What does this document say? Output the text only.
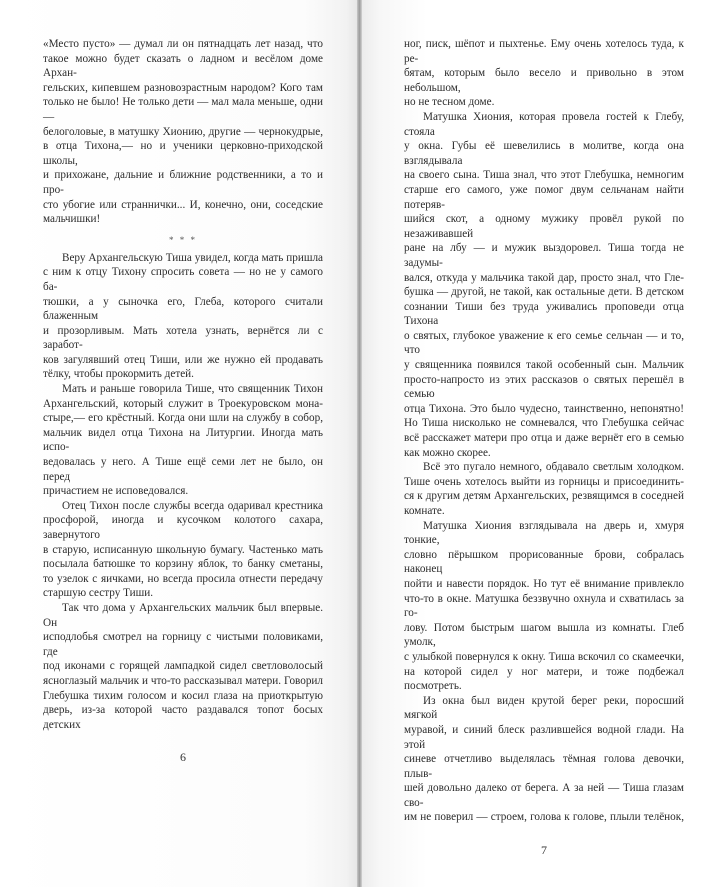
«Место пусто» — думал ли он пятнадцать лет назад, что
такое можно будет сказать о ладном и весёлом доме Архан-
гельских, кипевшем разновозрастным народом? Кого там
только не было! Не только дети — мал мала меньше, одни —
белоголовые, в матушку Хионию, другие — чернокудрые,
в отца Тихона,— но и ученики церковно-приходской школы,
и прихожане, дальние и ближние родственники, а то и про-
сто убогие или страннички... И, конечно, они, соседские
мальчишки!
* * *
Веру Архангельскую Тиша увидел, когда мать пришла
с ним к отцу Тихону спросить совета — но не у самого ба-
тюшки, а у сыночка его, Глеба, которого считали блаженным
и прозорливым. Мать хотела узнать, вернётся ли с заработ-
ков загулявший отец Тиши, или же нужно ей продавать
тёлку, чтобы прокормить детей.
Мать и раньше говорила Тише, что священник Тихон
Архангельский, который служит в Троекуровском мона-
стыре,— его крёстный. Когда они шли на службу в собор,
мальчик видел отца Тихона на Литургии. Иногда мать испо-
ведовалась у него. А Тише ещё семи лет не было, он перед
причастием не исповедовался.
Отец Тихон после службы всегда одаривал крестника
просфорой, иногда и кусочком колотого сахара, завернутого
в старую, исписанную школьную бумагу. Частенько мать
посылала батюшке то корзину яблок, то банку сметаны,
то узелок с яичками, но всегда просила отнести передачу
старшую сестру Тиши.
Так что дома у Архангельских мальчик был впервые. Он
исподлобья смотрел на горницу с чистыми половиками, где
под иконами с горящей лампадкой сидел светловолосый
ясноглазый мальчик и что-то рассказывал матери. Говорил
Глебушка тихим голосом и косил глаза на приоткрытую
дверь, из-за которой часто раздавался топот босых детских
6
ног, писк, шёпот и пыхтенье. Ему очень хотелось туда, к ре-
бятам, которым было весело и привольно в этом небольшом,
но не тесном доме.
Матушка Хиония, которая провела гостей к Глебу, стояла
у окна. Губы её шевелились в молитве, когда она взглядывала
на своего сына. Тиша знал, что этот Глебушка, немногим
старше его самого, уже помог двум сельчанам найти потеряв-
шийся скот, а одному мужику провёл рукой по незаживавшей
ране на лбу — и мужик выздоровел. Тиша тогда не задумы-
вался, откуда у мальчика такой дар, просто знал, что Гле-
бушка — другой, не такой, как остальные дети. В детском
сознании Тиши без труда уживались проповеди отца Тихона
о святых, глубокое уважение к его семье сельчан — и то, что
у священника появился такой особенный сын. Мальчик
просто-напросто из этих рассказов о святых перешёл в семью
отца Тихона. Это было чудесно, таинственно, непонятно!
Но Тиша нисколько не сомневался, что Глебушка сейчас
всё расскажет матери про отца и даже вернёт его в семью
как можно скорее.
Всё это пугало немного, обдавало светлым холодком.
Тише очень хотелось выйти из горницы и присоединить-
ся к другим детям Архангельских, резвящимся в соседней
комнате.
Матушка Хиония взглядывала на дверь и, хмуря тонкие,
словно пёрышком прорисованные брови, собралась наконец
пойти и навести порядок. Но тут её внимание привлекло
что-то в окне. Матушка беззвучно охнула и схватилась за го-
лову. Потом быстрым шагом вышла из комнаты. Глеб умолк,
с улыбкой повернулся к окну. Тиша вскочил со скамеечки,
на которой сидел у ног матери, и тоже подбежал посмотреть.
Из окна был виден крутой берег реки, поросший мягкой
муравой, и синий блеск разлившейся водной глади. На этой
синеве отчетливо выделялась тёмная голова девочки, плыв-
шей довольно далеко от берега. А за ней — Тиша глазам сво-
им не поверил — строем, голова к голове, плыли телёнок,
7
